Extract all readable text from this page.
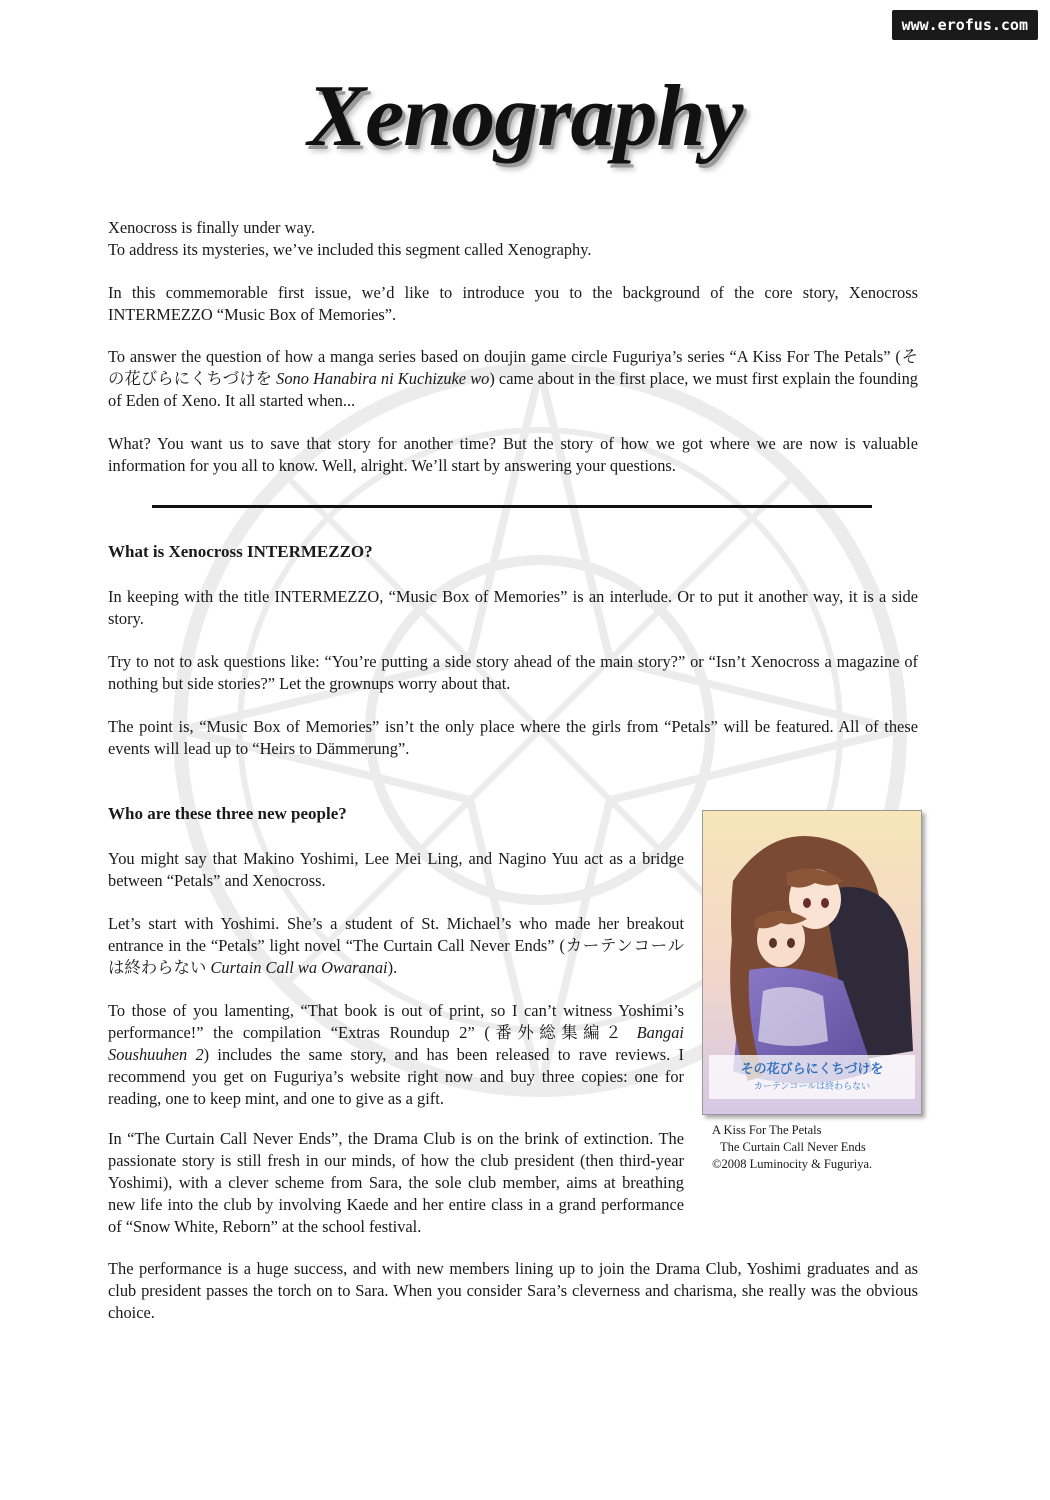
www.erofus.com
Xenography

Xenocross is finally under way.
To address its mysteries, we’ve included this segment called Xenography.

In this commemorable first issue, we’d like to introduce you to the background of the core story, Xenocross INTERMEZZO “Music Box of Memories”.

To answer the question of how a manga series based on doujin game circle Fuguriya’s series “A Kiss For The Petals” (その花びらにくちづけを Sono Hanabira ni Kuchizuke wo) came about in the first place, we must first explain the founding of Eden of Xeno. It all started when...

What? You want us to save that story for another time? But the story of how we got where we are now is valuable information for you all to know. Well, alright. We’ll start by answering your questions.

What is Xenocross INTERMEZZO?

In keeping with the title INTERMEZZO, “Music Box of Memories” is an interlude. Or to put it another way, it is a side story.

Try to not to ask questions like: “You’re putting a side story ahead of the main story?” or “Isn’t Xenocross a magazine of nothing but side stories?” Let the grownups worry about that.

The point is, “Music Box of Memories” isn’t the only place where the girls from “Petals” will be featured. All of these events will lead up to “Heirs to Dämmerung”.

Who are these three new people?

You might say that Makino Yoshimi, Lee Mei Ling, and Nagino Yuu act as a bridge between “Petals” and Xenocross.

Let’s start with Yoshimi. She’s a student of St. Michael’s who made her breakout entrance in the “Petals” light novel “The Curtain Call Never Ends” (カーテンコールは終わらない Curtain Call wa Owaranai).

To those of you lamenting, “That book is out of print, so I can’t witness Yoshimi’s performance!” the compilation “Extras Roundup 2” (番外総集編２ Bangai Soushuuhen 2) includes the same story, and has been released to rave reviews. I recommend you get on Fuguriya’s website right now and buy three copies: one for reading, one to keep mint, and one to give as a gift.

In “The Curtain Call Never Ends”, the Drama Club is on the brink of extinction. The passionate story is still fresh in our minds, of how the club president (then third-year Yoshimi), with a clever scheme from Sara, the sole club member, aims at breathing new life into the club by involving Kaede and her entire class in a grand performance of “Snow White, Reborn” at the school festival.

The performance is a huge success, and with new members lining up to join the Drama Club, Yoshimi graduates and as club president passes the torch on to Sara. When you consider Sara’s cleverness and charisma, she really was the obvious choice.

その花びらにくちづけを
カーテンコールは終わらない

A Kiss For The Petals
The Curtain Call Never Ends
©2008 Luminocity & Fuguriya.
